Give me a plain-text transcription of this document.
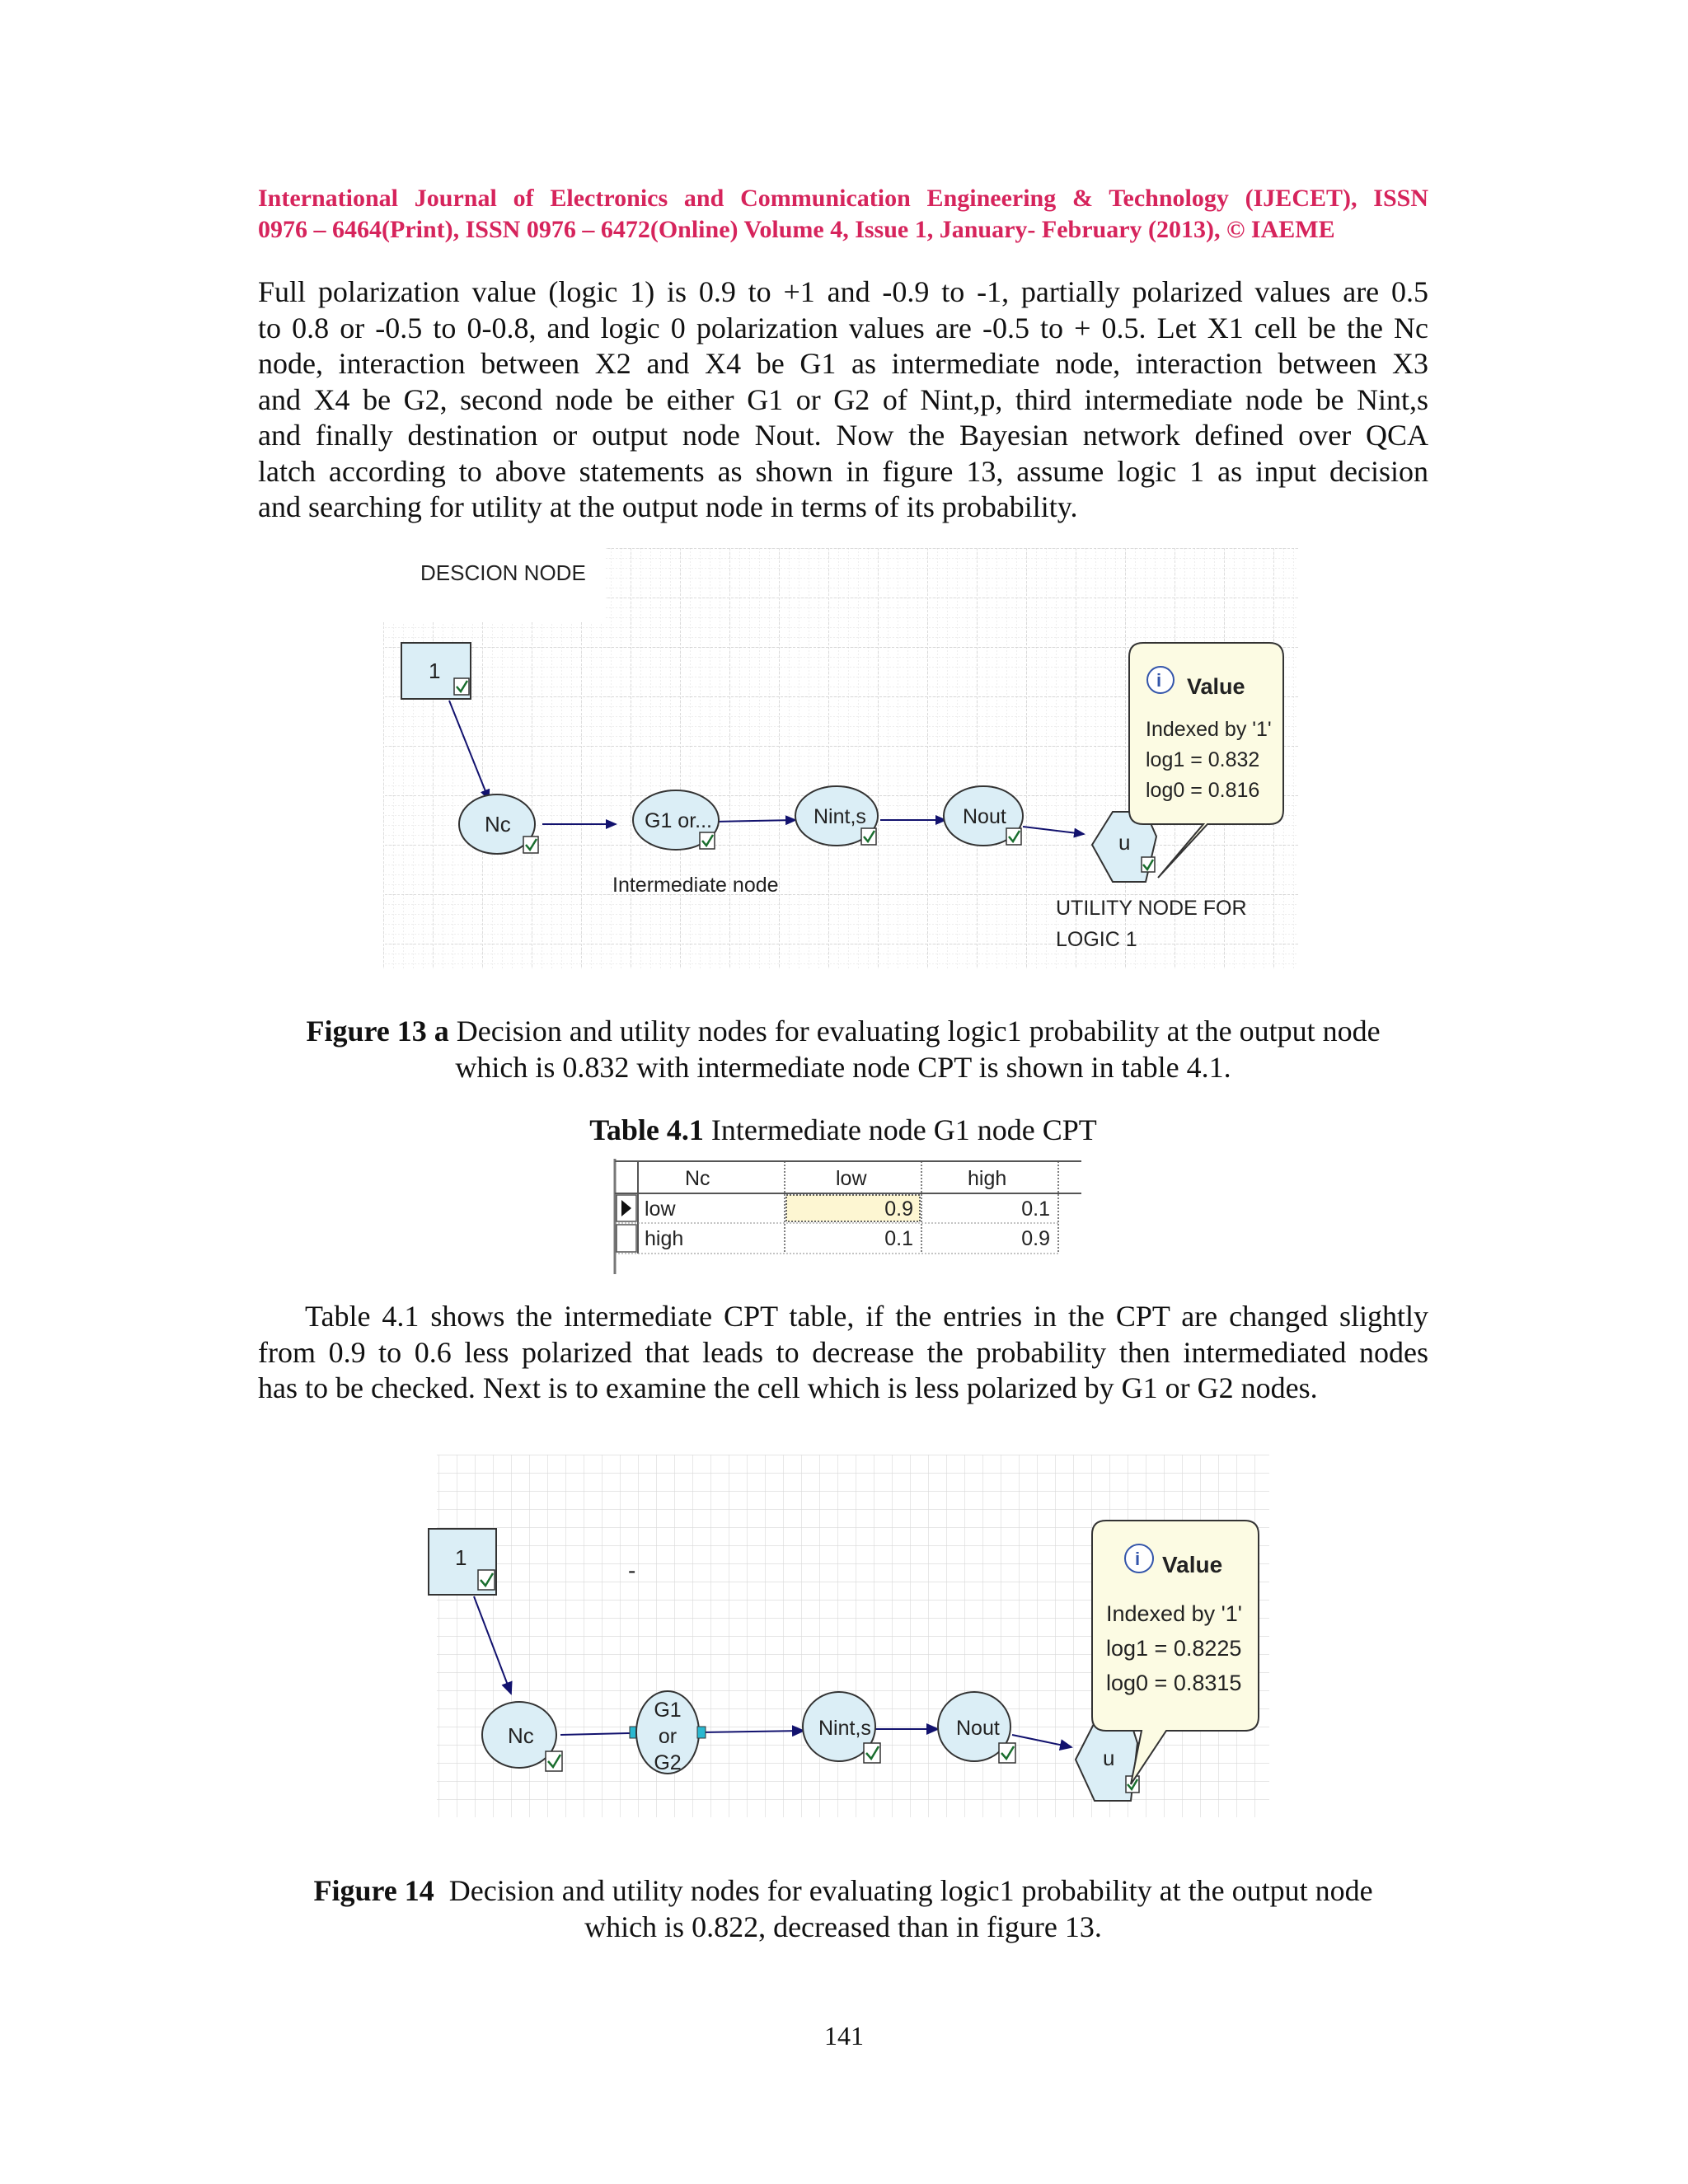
International Journal of Electronics and Communication Engineering & Technology (IJECET), ISSN
0976 – 6464(Print), ISSN 0976 – 6472(Online) Volume 4, Issue 1, January- February (2013), © IAEME
Full polarization value (logic 1) is 0.9 to +1 and -0.9 to -1, partially polarized values are 0.5
to 0.8 or -0.5 to 0-0.8, and logic 0 polarization values are -0.5 to + 0.5. Let X1 cell be the Nc
node, interaction between X2 and X4 be G1 as intermediate node, interaction between X3
and X4 be G2, second node be either G1 or G2 of Nint,p, third intermediate node be Nint,s
and finally destination or output node Nout. Now the Bayesian network defined over QCA
latch according to above statements as shown in figure 13, assume logic 1 as input decision
and searching for utility at the output node in terms of its probability.
DESCION NODE
1
Nc	G1 or...	Nint,s	Nout
u
i Value
Indexed by '1'
log1 = 0.832
log0 = 0.816
Intermediate node
UTILITY NODE FOR
LOGIC 1
Figure 13 a Decision and utility nodes for evaluating logic1 probability at the output node
which is 0.832 with intermediate node CPT is shown in table 4.1.
Table 4.1 Intermediate node G1 node CPT
Nc	low	high
low	0.9	0.1
high	0.1	0.9
Table 4.1 shows the intermediate CPT table, if the entries in the CPT are changed slightly
from 0.9 to 0.6 less polarized that leads to decrease the probability then intermediated nodes
has to be checked. Next is to examine the cell which is less polarized by G1 or G2 nodes.
-
1
Nc
G1
or
G2
Nint,s	Nout
u
i Value
Indexed by '1'
log1 = 0.8225
log0 = 0.8315
Figure 14  Decision and utility nodes for evaluating logic1 probability at the output node
which is 0.822, decreased than in figure 13.
141
